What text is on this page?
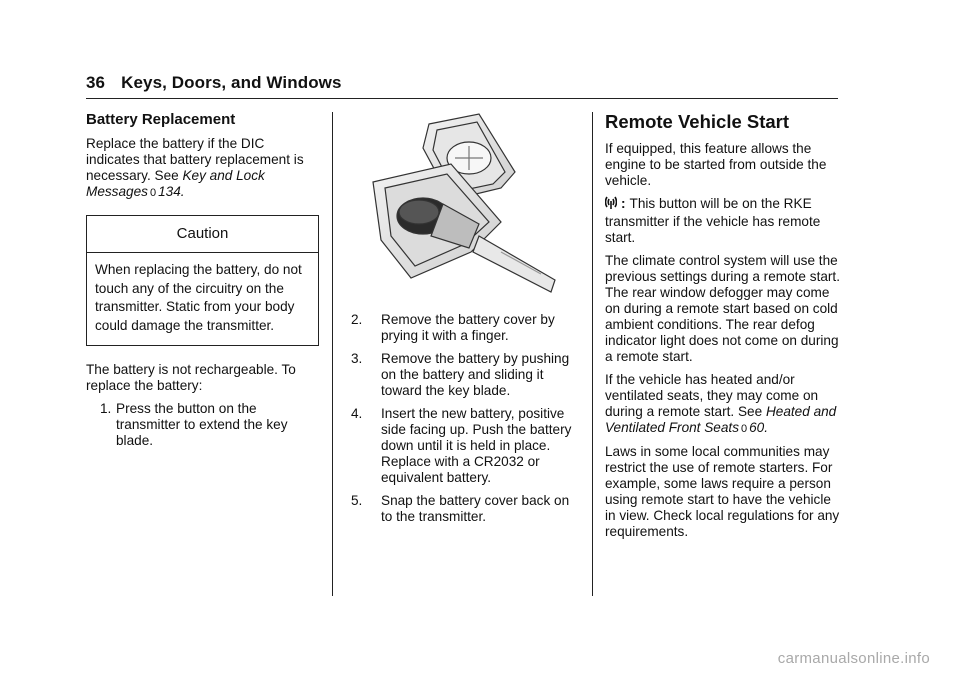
36 Keys, Doors, and Windows
Battery Replacement

Replace the battery if the DIC indicates that battery replacement is necessary. See Key and Lock Messages 0 134.

Caution
When replacing the battery, do not touch any of the circuitry on the transmitter. Static from your body could damage the transmitter.

The battery is not rechargeable. To replace the battery:

1. Press the button on the transmitter to extend the key blade.
2. Remove the battery cover by prying it with a finger.
3. Remove the battery by pushing on the battery and sliding it toward the key blade.
4. Insert the new battery, positive side facing up. Push the battery down until it is held in place. Replace with a CR2032 or equivalent battery.
5. Snap the battery cover back on to the transmitter.
Remote Vehicle Start

If equipped, this feature allows the engine to be started from outside the vehicle.

: This button will be on the RKE transmitter if the vehicle has remote start.

The climate control system will use the previous settings during a remote start. The rear window defogger may come on during a remote start based on cold ambient conditions. The rear defog indicator light does not come on during a remote start.

If the vehicle has heated and/or ventilated seats, they may come on during a remote start. See Heated and Ventilated Front Seats 0 60.

Laws in some local communities may restrict the use of remote starters. For example, some laws require a person using remote start to have the vehicle in view. Check local regulations for any requirements.

carmanualsonline.info
